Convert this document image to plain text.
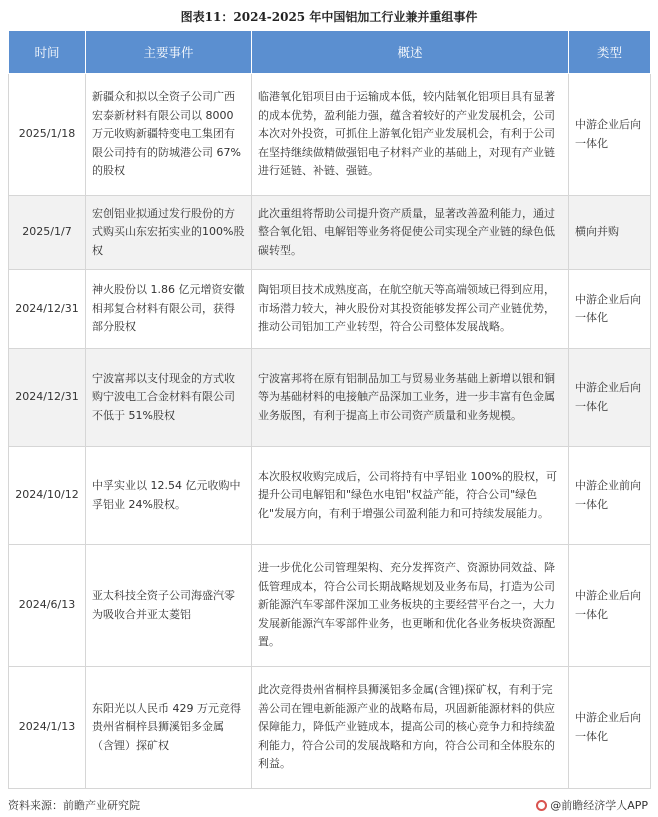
图表11：2024-2025 年中国铝加工行业兼并重组事件
时间	主要事件	概述	类型
2025/1/18	新疆众和拟以全资子公司广西宏泰新材料有限公司以 8000 万元收购新疆特变电工集团有限公司持有的防城港公司 67%的股权	临港氧化铝项目由于运输成本低，较内陆氧化铝项目具有显著的成本优势，盈利能力强，蕴含着较好的产业发展机会，公司本次对外投资，可抓住上游氧化铝产业发展机会，有利于公司在坚持继续做精做强铝电子材料产业的基础上，对现有产业链进行延链、补链、强链。	中游企业后向一体化
2025/1/7	宏创铝业拟通过发行股份的方式购买山东宏拓实业的100%股权	此次重组将帮助公司提升资产质量，显著改善盈利能力，通过整合氧化铝、电解铝等业务将促使公司实现全产业链的绿色低碳转型。	横向并购
2024/12/31	神火股份以 1.86 亿元增资安徽相邦复合材料有限公司，获得部分股权	陶铝项目技术成熟度高，在航空航天等高端领域已得到应用，市场潜力较大，神火股份对其投资能够发挥公司产业链优势，推动公司铝加工产业转型，符合公司整体发展战略。	中游企业后向一体化
2024/12/31	宁波富邦以支付现金的方式收购宁波电工合金材料有限公司不低于 51%股权	宁波富邦将在原有铝制品加工与贸易业务基础上新增以银和铜等为基础材料的电接触产品深加工业务，进一步丰富有色金属业务版图，有利于提高上市公司资产质量和业务规模。	中游企业后向一体化
2024/10/12	中孚实业以 12.54 亿元收购中孚铝业 24%股权。	本次股权收购完成后，公司将持有中孚铝业 100%的股权，可提升公司电解铝和"绿色水电铝"权益产能，符合公司"绿色化"发展方向，有利于增强公司盈利能力和可持续发展能力。	中游企业前向一体化
2024/6/13	亚太科技全资子公司海盛汽零为吸收合并亚太菱铝	进一步优化公司管理架构、充分发挥资产、资源协同效益、降低管理成本，符合公司长期战略规划及业务布局，打造为公司新能源汽车零部件深加工业务板块的主要经营平台之一，大力发展新能源汽车零部件业务，也更晰和优化各业务板块资源配置。	中游企业后向一体化
2024/1/13	东阳光以人民币 429 万元竞得贵州省桐梓县狮溪铝多金属（含锂）探矿权	此次竞得贵州省桐梓县狮溪铝多金属(含锂)探矿权，有利于完善公司在锂电新能源产业的战略布局，巩固新能源材料的供应保障能力，降低产业链成本，提高公司的核心竞争力和持续盈利能力，符合公司的发展战略和方向，符合公司和全体股东的利益。	中游企业后向一体化
资料来源：前瞻产业研究院	@前瞻经济学人APP
